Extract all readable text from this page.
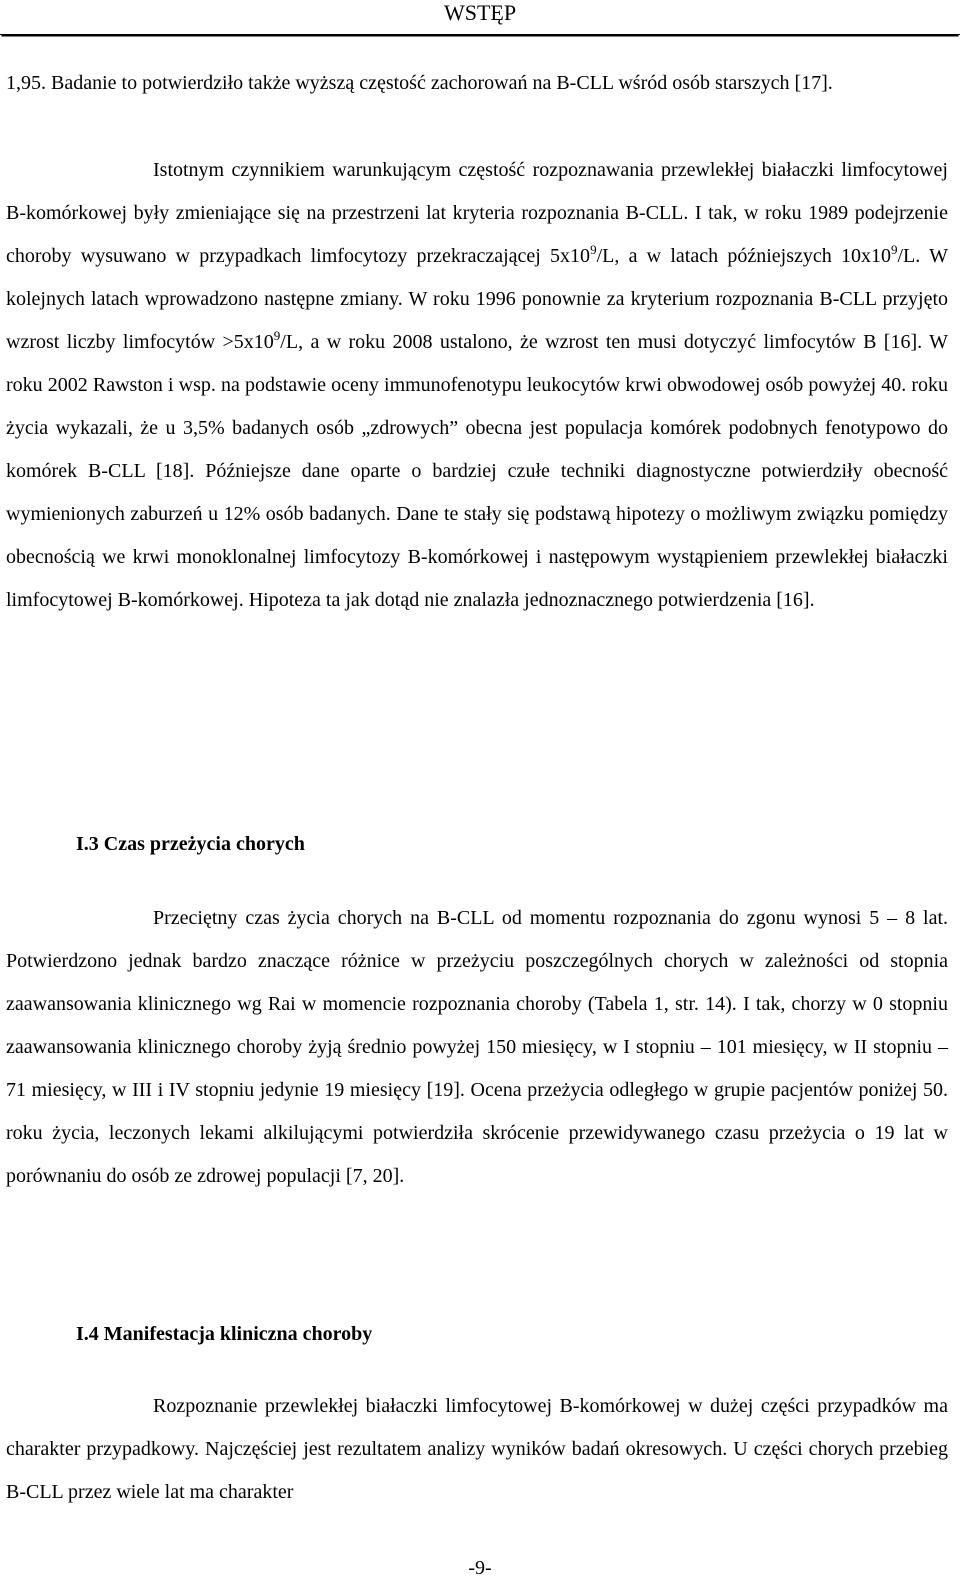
WSTĘP

1,95. Badanie to potwierdziło także wyższą częstość zachorowań na B-CLL wśród osób starszych [17].

Istotnym czynnikiem warunkującym częstość rozpoznawania przewlekłej białaczki limfocytowej B-komórkowej były zmieniające się na przestrzeni lat kryteria rozpoznania B-CLL. I tak, w roku 1989 podejrzenie choroby wysuwano w przypadkach limfocytozy przekraczającej $5x10^9/L$, a w latach późniejszych $10x10^9/L$. W kolejnych latach wprowadzono następne zmiany. W roku 1996 ponownie za kryterium rozpoznania B-CLL przyjęto wzrost liczby limfocytów $>5x10^9/L$, a w roku 2008 ustalono, że wzrost ten musi dotyczyć limfocytów B [16]. W roku 2002 Rawston i wsp. na podstawie oceny immunofenotypu leukocytów krwi obwodowej osób powyżej 40. roku życia wykazali, że u 3,5% badanych osób „zdrowych” obecna jest populacja komórek podobnych fenotypowo do komórek B-CLL [18]. Późniejsze dane oparte o bardziej czułe techniki diagnostyczne potwierdziły obecność wymienionych zaburzeń u 12% osób badanych. Dane te stały się podstawą hipotezy o możliwym związku pomiędzy obecnością we krwi monoklonalnej limfocytozy B-komórkowej i następowym wystąpieniem przewlekłej białaczki limfocytowej B-komórkowej. Hipoteza ta jak dotąd nie znalazła jednoznacznego potwierdzenia [16].

I.3 Czas przeżycia chorych

Przeciętny czas życia chorych na B-CLL od momentu rozpoznania do zgonu wynosi 5 – 8 lat. Potwierdzono jednak bardzo znaczące różnice w przeżyciu poszczególnych chorych w zależności od stopnia zaawansowania klinicznego wg Rai w momencie rozpoznania choroby (Tabela 1, str. 14). I tak, chorzy w 0 stopniu zaawansowania klinicznego choroby żyją średnio powyżej 150 miesięcy, w I stopniu – 101 miesięcy, w II stopniu – 71 miesięcy, w III i IV stopniu jedynie 19 miesięcy [19]. Ocena przeżycia odległego w grupie pacjentów poniżej 50. roku życia, leczonych lekami alkilującymi potwierdziła skrócenie przewidywanego czasu przeżycia o 19 lat w porównaniu do osób ze zdrowej populacji [7, 20].

I.4 Manifestacja kliniczna choroby

Rozpoznanie przewlekłej białaczki limfocytowej B-komórkowej w dużej części przypadków ma charakter przypadkowy. Najczęściej jest rezultatem analizy wyników badań okresowych. U części chorych przebieg B-CLL przez wiele lat ma charakter

-9-
